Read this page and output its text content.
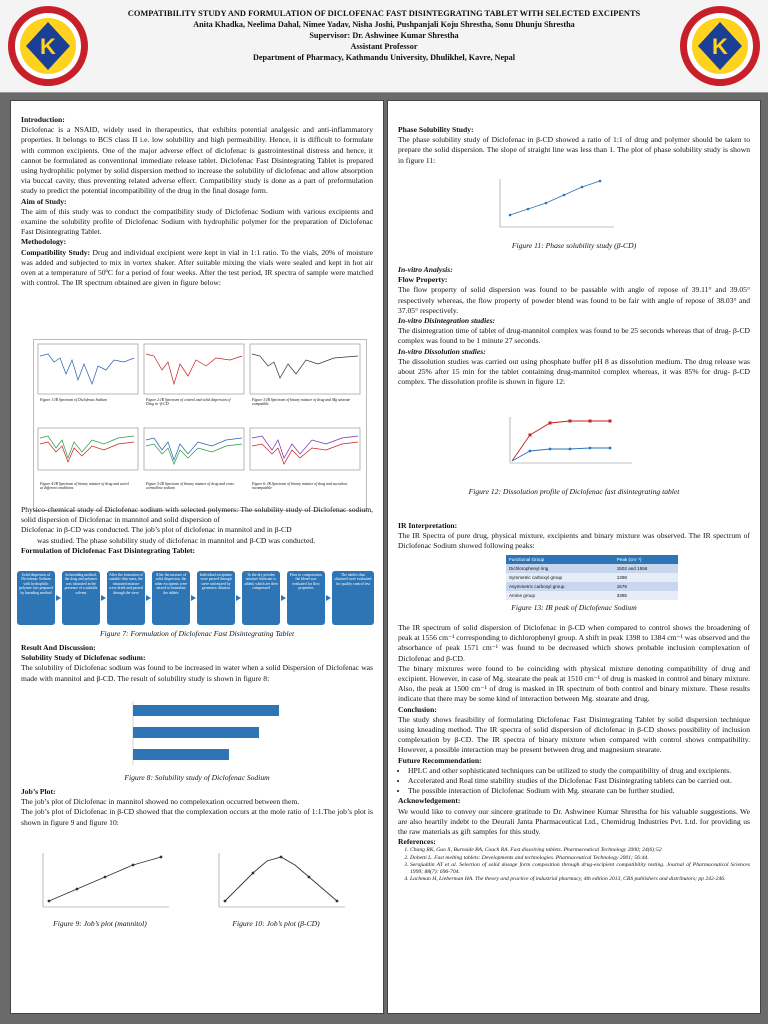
K
COMPATIBILITY STUDY AND FORMULATION OF DICLOFENAC FAST DISINTEGRATING TABLET WITH SELECTED EXCIPENTS
Anita Khadka, Neelima Dahal, Nimee Yadav, Nisha Joshi, Pushpanjali Koju Shrestha, Sonu Dhunju Shrestha
Supervisor: Dr. Ashwinee Kumar Shrestha
Assistant Professor
Department of Pharmacy, Kathmandu University, Dhulikhel, Kavre, Nepal	K
Introduction:
Diclofenac is a NSAID, widely used in therapeutics, that exhibits potential analgesic and anti-inflammatory properties. It belongs to BCS class II i.e. low solubility and high permeability. Hence, it is difficult to formulate with common excipients. One of the major adverse effect of diclofenac is gastrointestinal distress and hence, it cannot be formulated as conventional immediate release tablet. Diclofenac Fast Disintegrating Tablet is prepared using hydrophilic polymer by solid dispersion method to increase the solubility of diclofenac and allow absorption via buccal cavity, thus preventing related adverse effect. Compatibility study is done as a part of preformulation study to predict the potential incompatibility of the drug in the final dosage form.
Aim of Study:
The aim of this study was to conduct the compatibility study of Diclofenac Sodium with various excipients and examine the solubility profile of Diclofenac Sodium with hydrophilic polymer for the preparation of Diclofenac Fast Disintegrating Tablet.
Methodology:
Compatibility Study: Drug and individual excipient were kept in vial in 1:1 ratio. To the vials, 20% of moisture was added and subjected to mix in vortex shaker. After suitable mixing the vials were sealed and kept in hot air oven at a temperature of 50ºC for a period of four weeks. After the test period, IR spectra of sample were matched with control. The IR spectrum obtained are given in figure below:
Figure 1:IR Spectrum of Diclofenac Sodium	Figure 2:IR Spectrum of control and solid dispersion of Drug in -β-CD
Figure 3:IR Spectrum of binary mixture of drug and Mg stearate compatible
Figure 4:IR Spectrum of binary mixture of drug and avicel at different conditions
Figure 5:IR Spectrum of binary mixture of drug and cross carmellose sodium
Figure 6: IR Spectrum of binary mixture of drug and sucralose incompatible
Physico-chemical study of Diclofenac sodium with selected polymers: The solubility study of Diclofenac sodium, solid dispersion of Diclofenac in mannitol and solid dispersion of
Diclofenac in β-CD was conducted. The job’s plot of diclofenac in mannitol and in β-CD
was studied. The phase solubility study of diclofenac in mannitol and β-CD was conducted.
Formulation of Diclofenac Fast Disintegrating Tablet:
Solid dispersion of Diclofenac Sodium with hydrophilic polymer was prepared by kneading method
In kneading method, the drug and polymer was triturated in the presence of a suitable solvent
After the formation of suitable thin mass, the triturated mixture were dried and passed through the sieve
After the mixture of solid dispersion, the other excipients were mixed to formulate the tablets
Individual excipients were passed through sieve and mixed by geometric dilution
To the dry powder mixture lubricant is added, which are then compressed
Prior to compression, the blend was evaluated for flow properties
The tablets thus obtained were evaluated for quality control test
Figure 7: Formulation of Diclofenac Fast Disintegrating Tablet
Result And Discussion:
Solubility Study of Diclofenac sodium:
The solubility of Diclofenac sodium was found to be increased in water when a solid Dispersion of Diclofenac was made with mannitol and β-CD. The result of solubility study is shown in figure 8:
Figure 8: Solubility study of Diclofenac Sodium
Job’s Plot:
The job’s plot of Diclofenac in mannitol showed no compelexation occurred between them.
The job’s plot of Diclofenac in β-CD showed that the complexation occurs at the mole ratio of 1:1.The job’s plot is shown in figure 9 and figure 10:
Figure 9: Job’s plot (mannitol)	Figure 10: Job’s plot (β-CD)
Phase Solubility Study:
The phase solubility study of Diclofenac in β-CD showed a ratio of 1:1 of drug and polymer should be taken to prepare the solid dispersion. The slope of straight line was less than 1. The plot of phase solubility study is shown in figure 11:
Figure 11: Phase solubility study (β-CD)
In-vitro Analysis:
Flow Property:
The flow property of solid dispersion was found to be passable with angle of repose of 39.11° and 39.05° respectively whereas, the flow property of powder blend was found to be fair with angle of repose of 38.03° and 37.05° respectively.
In-vitro Disintegration studies:
The disintegration time of tablet of drug-mannitol complex was found to be 25 seconds whereas that of drug- β-CD complex was found to be 1 minute 27 seconds.
In-vitro Dissolution studies:
The dissolution studies was carried out using phosphate buffer pH 8 as dissolution medium. The drug release was about 25% after 15 min for the tablet containing drug-mannitol complex whereas, it was 85% for drug- β-CD complex. The dissolution profile is shown in figure 12:
Figure 12: Dissolution profile of Diclofenac fast disintegrating tablet
IR Interpretation:
The IR Spectra of pure drug, physical mixture, excipients and binary mixture was observed. The IR spectrum of Diclofenac Sodium showed following peaks:
Functional Group	Peak (cm⁻¹)
Dichlorophenyl ring	1502 and 1556
Symmetric carboxyl group	1398
Asymmetric carboxyl group	1576
Amine group	3385
Figure 13: IR peak of Diclofenac Sodium
The IR spectrum of solid dispersion of Diclofenac in β-CD when compared to control shows the broadening of peak at 1556 cm⁻¹ corresponding to dichlorophenyl group. A shift in peak 1398 to 1384 cm⁻¹ was observed and the absorbance of peak 1571 cm⁻¹ was found to be decreased which shows probable inclusion complexation of Diclofenac and β-CD.
The binary mixtures were found to be coinciding with physical mixture denoting compatibility of drug and excipient. However, in case of Mg. stearate the peak at 1510 cm⁻¹ of drug is masked in control and binary mixture. Also, the peak at 1500 cm⁻¹ of drug is masked in IR spectrum of both control and binary mixture. These results indicate that there may be some kind of interaction between Mg. stearate and drug.
Conclusion:
The study shows feasibility of formulating Diclofenac Fast Disintegrating Tablet by solid dispersion technique using kneading method. The IR spectra of solid dispersion of diclofenac in β-CD shows possibility of inclusion complexation by β-CD. The IR spectra of binary mixture when compared with control shows compatibility. However, a possible interaction may be present between drug and magnesium stearate.
Future Recommendation:
• HPLC and other sophisticated techniques can be utilized to study the compatibility of drug and excipients.
• Accelerated and Real time stability studies of the Diclofenac Fast Disintegrating tablets can be carried out.
• The possible interaction of Diclofenac Sodium with Mg. stearate can be further studied.
Acknowledgement:
We would like to convey our sincere gratitude to Dr. Ashwinee Kumar Shrestha for his valuable suggestions. We are also heartily indebt to the Deurali Janta Pharmaceutical Ltd., Chemidrug Industries Pvt. Ltd. for providing us the raw materials as gift samples for this study.
References:
1. Chang RK, Guo X, Burnside BA, Couch RA. Fast dissolving tablets. Pharmaceutical Technology 2000; 24(6):52
2. Dobetti L. Fast melting tablets: Developments and technologies. Pharmaceutical Technology 2001; 56:44.
3. Serajuddin AT et al. Selection of solid dosage form composition through drug-excipient compatibility testing. Journal of Pharmaceutical Sciences 1999; 88(7): 696-704.
4. Lachman H, Lieberman HA. The theory and practice of industrial pharmacy, 4th edition 2013, CBS publishers and distributors; pp 242-246.
